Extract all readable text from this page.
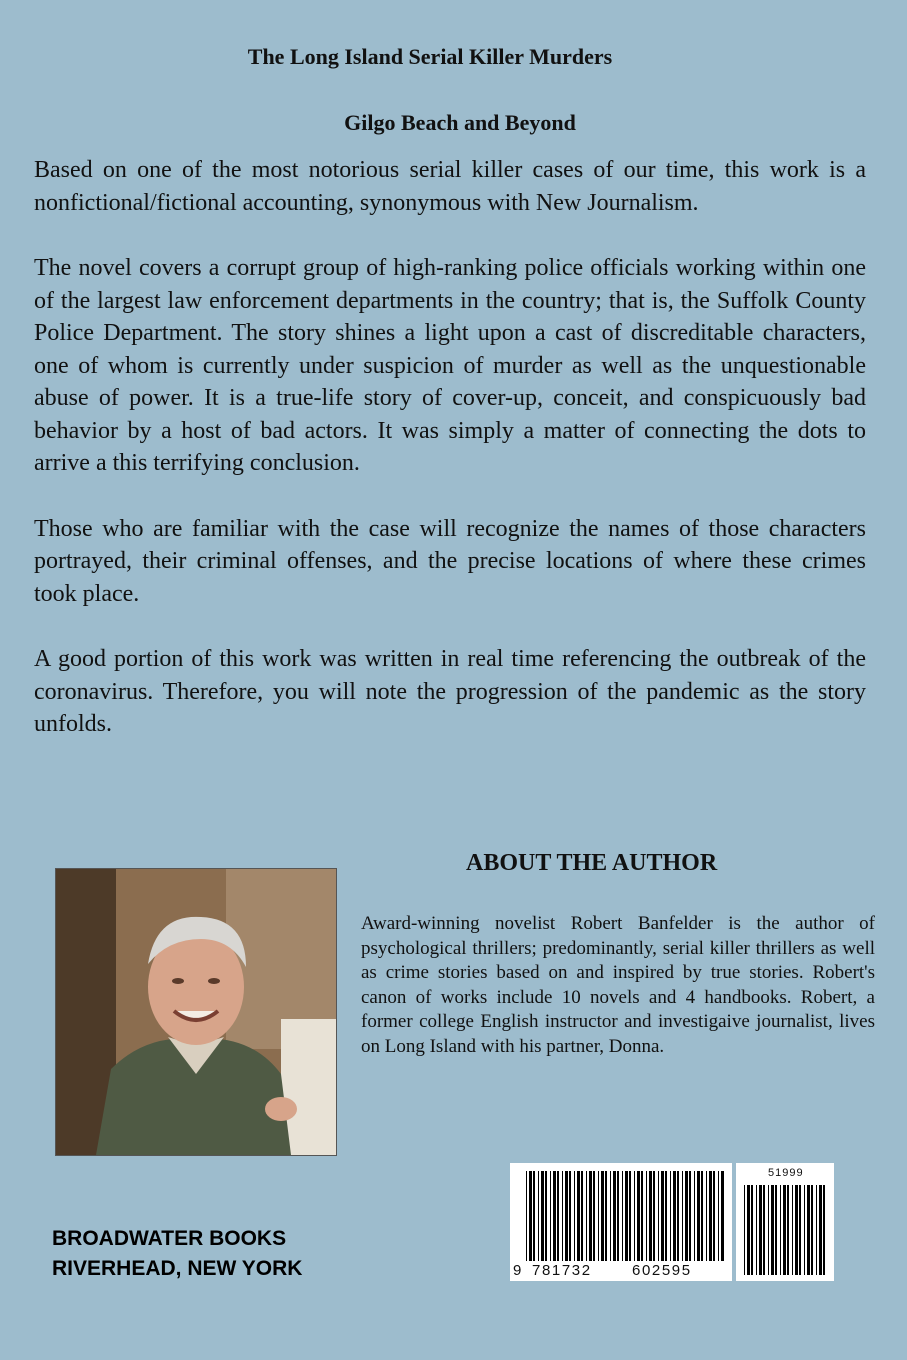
The Long Island Serial Killer Murders
Gilgo Beach and Beyond

Based on one of the most notorious serial killer cases of our time, this work is a nonfictional/fictional accounting, synonymous with New Journalism.

The novel covers a corrupt group of high-ranking police officials working within one of the largest law enforcement departments in the country; that is, the Suffolk County Police Department. The story shines a light upon a cast of discreditable characters, one of whom is currently under suspicion of murder as well as the unquestionable abuse of power. It is a true-life story of cover-up, conceit, and conspicuously bad behavior by a host of bad actors. It was simply a matter of connecting the dots to arrive a this terrifying conclusion.

Those who are familiar with the case will recognize the names of those characters portrayed, their criminal offenses, and the precise locations of where these crimes took place.

A good portion of this work was written in real time referencing the outbreak of the coronavirus. Therefore, you will note the progression of the pandemic as the story unfolds.

ABOUT THE AUTHOR
Award-winning novelist Robert Banfelder is the author of psychological thrillers; predominantly, serial killer thrillers as well as crime stories based on and inspired by true stories. Robert's canon of works include 10 novels and 4 handbooks. Robert, a former college English instructor and investigaive journalist, lives on Long Island with his partner, Donna.
BROADWATER BOOKS
RIVERHEAD, NEW YORK	9 781732	602595
51999
